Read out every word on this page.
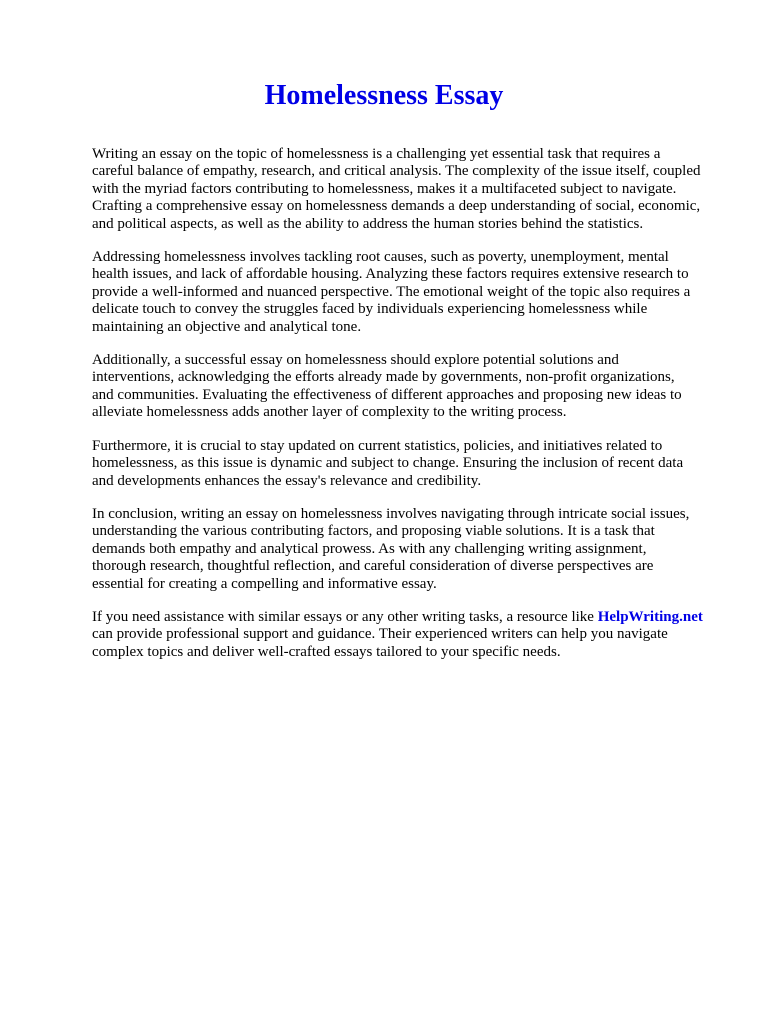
Homelessness Essay

Writing an essay on the topic of homelessness is a challenging yet essential task that requires a
careful balance of empathy, research, and critical analysis. The complexity of the issue itself, coupled
with the myriad factors contributing to homelessness, makes it a multifaceted subject to navigate.
Crafting a comprehensive essay on homelessness demands a deep understanding of social, economic,
and political aspects, as well as the ability to address the human stories behind the statistics.

Addressing homelessness involves tackling root causes, such as poverty, unemployment, mental
health issues, and lack of affordable housing. Analyzing these factors requires extensive research to
provide a well-informed and nuanced perspective. The emotional weight of the topic also requires a
delicate touch to convey the struggles faced by individuals experiencing homelessness while
maintaining an objective and analytical tone.

Additionally, a successful essay on homelessness should explore potential solutions and
interventions, acknowledging the efforts already made by governments, non-profit organizations,
and communities. Evaluating the effectiveness of different approaches and proposing new ideas to
alleviate homelessness adds another layer of complexity to the writing process.

Furthermore, it is crucial to stay updated on current statistics, policies, and initiatives related to
homelessness, as this issue is dynamic and subject to change. Ensuring the inclusion of recent data
and developments enhances the essay's relevance and credibility.

In conclusion, writing an essay on homelessness involves navigating through intricate social issues,
understanding the various contributing factors, and proposing viable solutions. It is a task that
demands both empathy and analytical prowess. As with any challenging writing assignment,
thorough research, thoughtful reflection, and careful consideration of diverse perspectives are
essential for creating a compelling and informative essay.

If you need assistance with similar essays or any other writing tasks, a resource like HelpWriting.net
can provide professional support and guidance. Their experienced writers can help you navigate
complex topics and deliver well-crafted essays tailored to your specific needs.
